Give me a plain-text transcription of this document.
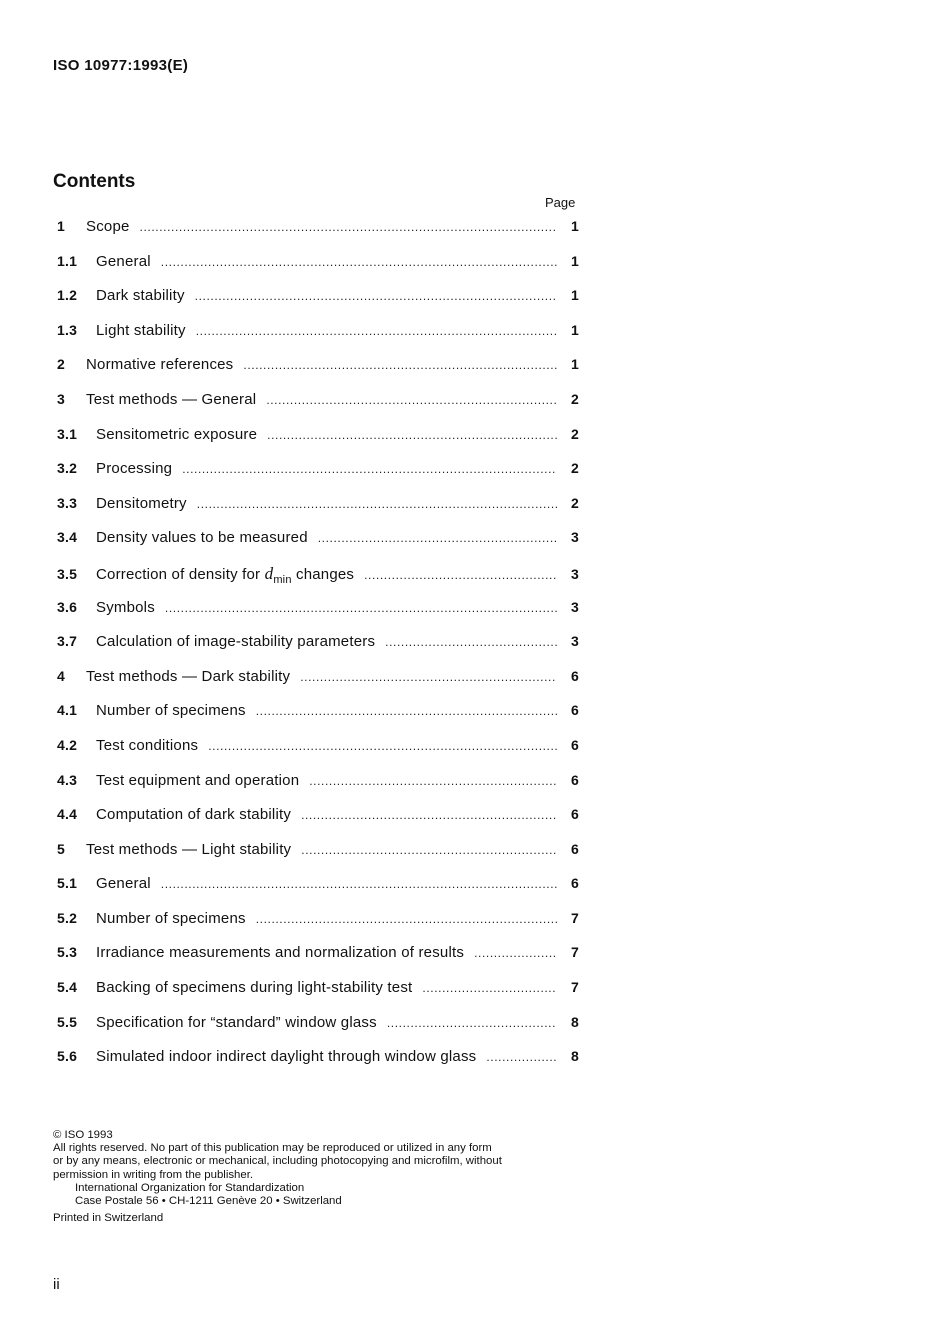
ISO 10977:1993(E)
Contents
Page
1	Scope .....	1
1.1	General .....	1
1.2	Dark stability .....	1
1.3	Light stability .....	1
2	Normative references .....	1
3	Test methods — General .....	2
3.1	Sensitometric exposure .....	2
3.2	Processing .....	2
3.3	Densitometry .....	2
3.4	Density values to be measured .....	3
3.5	Correction of density for $d_{min}$ changes .....	3
3.6	Symbols .....	3
3.7	Calculation of image-stability parameters .....	3
4	Test methods — Dark stability .....	6
4.1	Number of specimens .....	6
4.2	Test conditions .....	6
4.3	Test equipment and operation .....	6
4.4	Computation of dark stability .....	6
5	Test methods — Light stability .....	6
5.1	General .....	6
5.2	Number of specimens .....	7
5.3	Irradiance measurements and normalization of results .....	7
5.4	Backing of specimens during light-stability test .....	7
5.5	Specification for “standard” window glass .....	8
5.6	Simulated indoor indirect daylight through window glass .....	8
© ISO 1993
All rights reserved. No part of this publication may be reproduced or utilized in any form
or by any means, electronic or mechanical, including photocopying and microfilm, without
permission in writing from the publisher.
International Organization for Standardization
Case Postale 56 • CH-1211 Genève 20 • Switzerland
Printed in Switzerland
ii
